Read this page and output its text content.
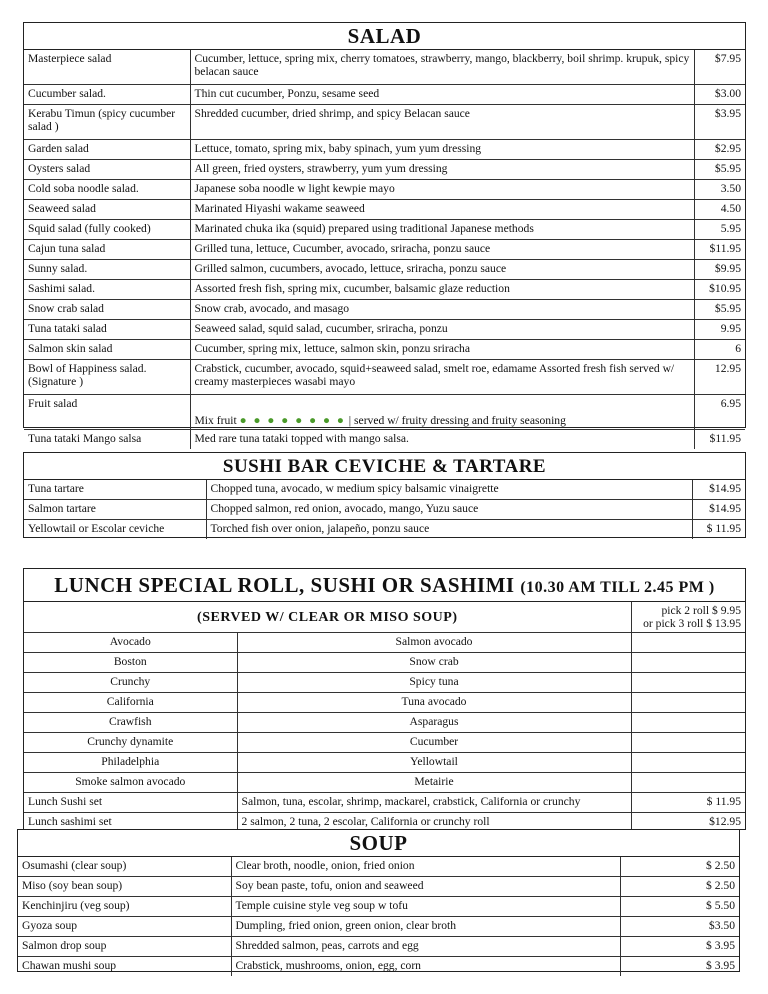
SALAD
Masterpiece salad	Cucumber, lettuce, spring mix, cherry tomatoes, strawberry, mango, blackberry, boil shrimp. krupuk, spicy belacan sauce	$7.95
Cucumber salad.	Thin cut cucumber, Ponzu, sesame seed	$3.00
Kerabu Timun (spicy cucumber salad )	Shredded cucumber, dried shrimp, and spicy Belacan sauce	$3.95
Garden salad	Lettuce, tomato, spring mix, baby spinach, yum yum dressing	$2.95
Oysters salad	All green, fried oysters, strawberry, yum yum dressing	$5.95
Cold soba noodle salad.	Japanese soba noodle w light kewpie mayo	3.50
Seaweed salad	Marinated Hiyashi wakame seaweed	4.50
Squid salad (fully cooked)	Marinated chuka ika (squid) prepared using traditional Japanese methods	5.95
Cajun tuna salad	Grilled tuna, lettuce, Cucumber, avocado, sriracha, ponzu sauce	$11.95
Sunny salad.	Grilled salmon, cucumbers, avocado, lettuce, sriracha, ponzu sauce	$9.95
Sashimi salad.	Assorted fresh fish, spring mix, cucumber, balsamic glaze reduction	$10.95
Snow crab salad	Snow crab, avocado, and masago	$5.95
Tuna tataki salad	Seaweed salad, squid salad, cucumber, sriracha, ponzu	9.95
Salmon skin salad	Cucumber, spring mix, lettuce, salmon skin, ponzu sriracha	6
Bowl of Happiness salad. (Signature )	Crabstick, cucumber, avocado, squid+seaweed salad, smelt roe, edamame Assorted fresh fish served w/ creamy masterpieces wasabi mayo	12.95
Fruit salad	Mix fruit ● ● ● ● ● ● ● ● | served w/ fruity dressing and fruity seasoning	6.95
Tuna tataki Mango salsa	Med rare tuna tataki topped with mango salsa.	$11.95
SUSHI BAR CEVICHE & TARTARE
Tuna tartare	Chopped tuna, avocado, w medium spicy balsamic vinaigrette	$14.95
Salmon tartare	Chopped salmon, red onion, avocado, mango, Yuzu sauce	$14.95
Yellowtail or Escolar ceviche	Torched fish over onion, jalapeño, ponzu sauce	$ 11.95
LUNCH SPECIAL ROLL, SUSHI OR SASHIMI (10.30 AM TILL 2.45 PM )
(SERVED W/ CLEAR OR MISO SOUP)		pick 2 roll $ 9.95
or pick 3 roll $ 13.95

Avocado	Salmon avocado	
Boston	Snow crab	
Crunchy	Spicy tuna	
California	Tuna avocado	
Crawfish	Asparagus	
Crunchy dynamite	Cucumber	
Philadelphia	Yellowtail	
Smoke salmon avocado	Metairie	
Lunch Sushi set	Salmon, tuna, escolar, shrimp, mackarel, crabstick, California or crunchy	$ 11.95
Lunch sashimi set	2 salmon, 2 tuna, 2 escolar, California or crunchy roll	$12.95
SOUP
Osumashi (clear soup)	Clear broth, noodle, onion, fried onion	$ 2.50
Miso (soy bean soup)	Soy bean paste, tofu, onion and seaweed	$ 2.50
Kenchinjiru (veg soup)	Temple cuisine style veg soup w tofu	$ 5.50
Gyoza soup	Dumpling, fried onion, green onion, clear broth	$3.50
Salmon drop soup	Shredded salmon, peas, carrots and egg	$ 3.95
Chawan mushi soup	Crabstick, mushrooms, onion, egg, corn	$ 3.95
